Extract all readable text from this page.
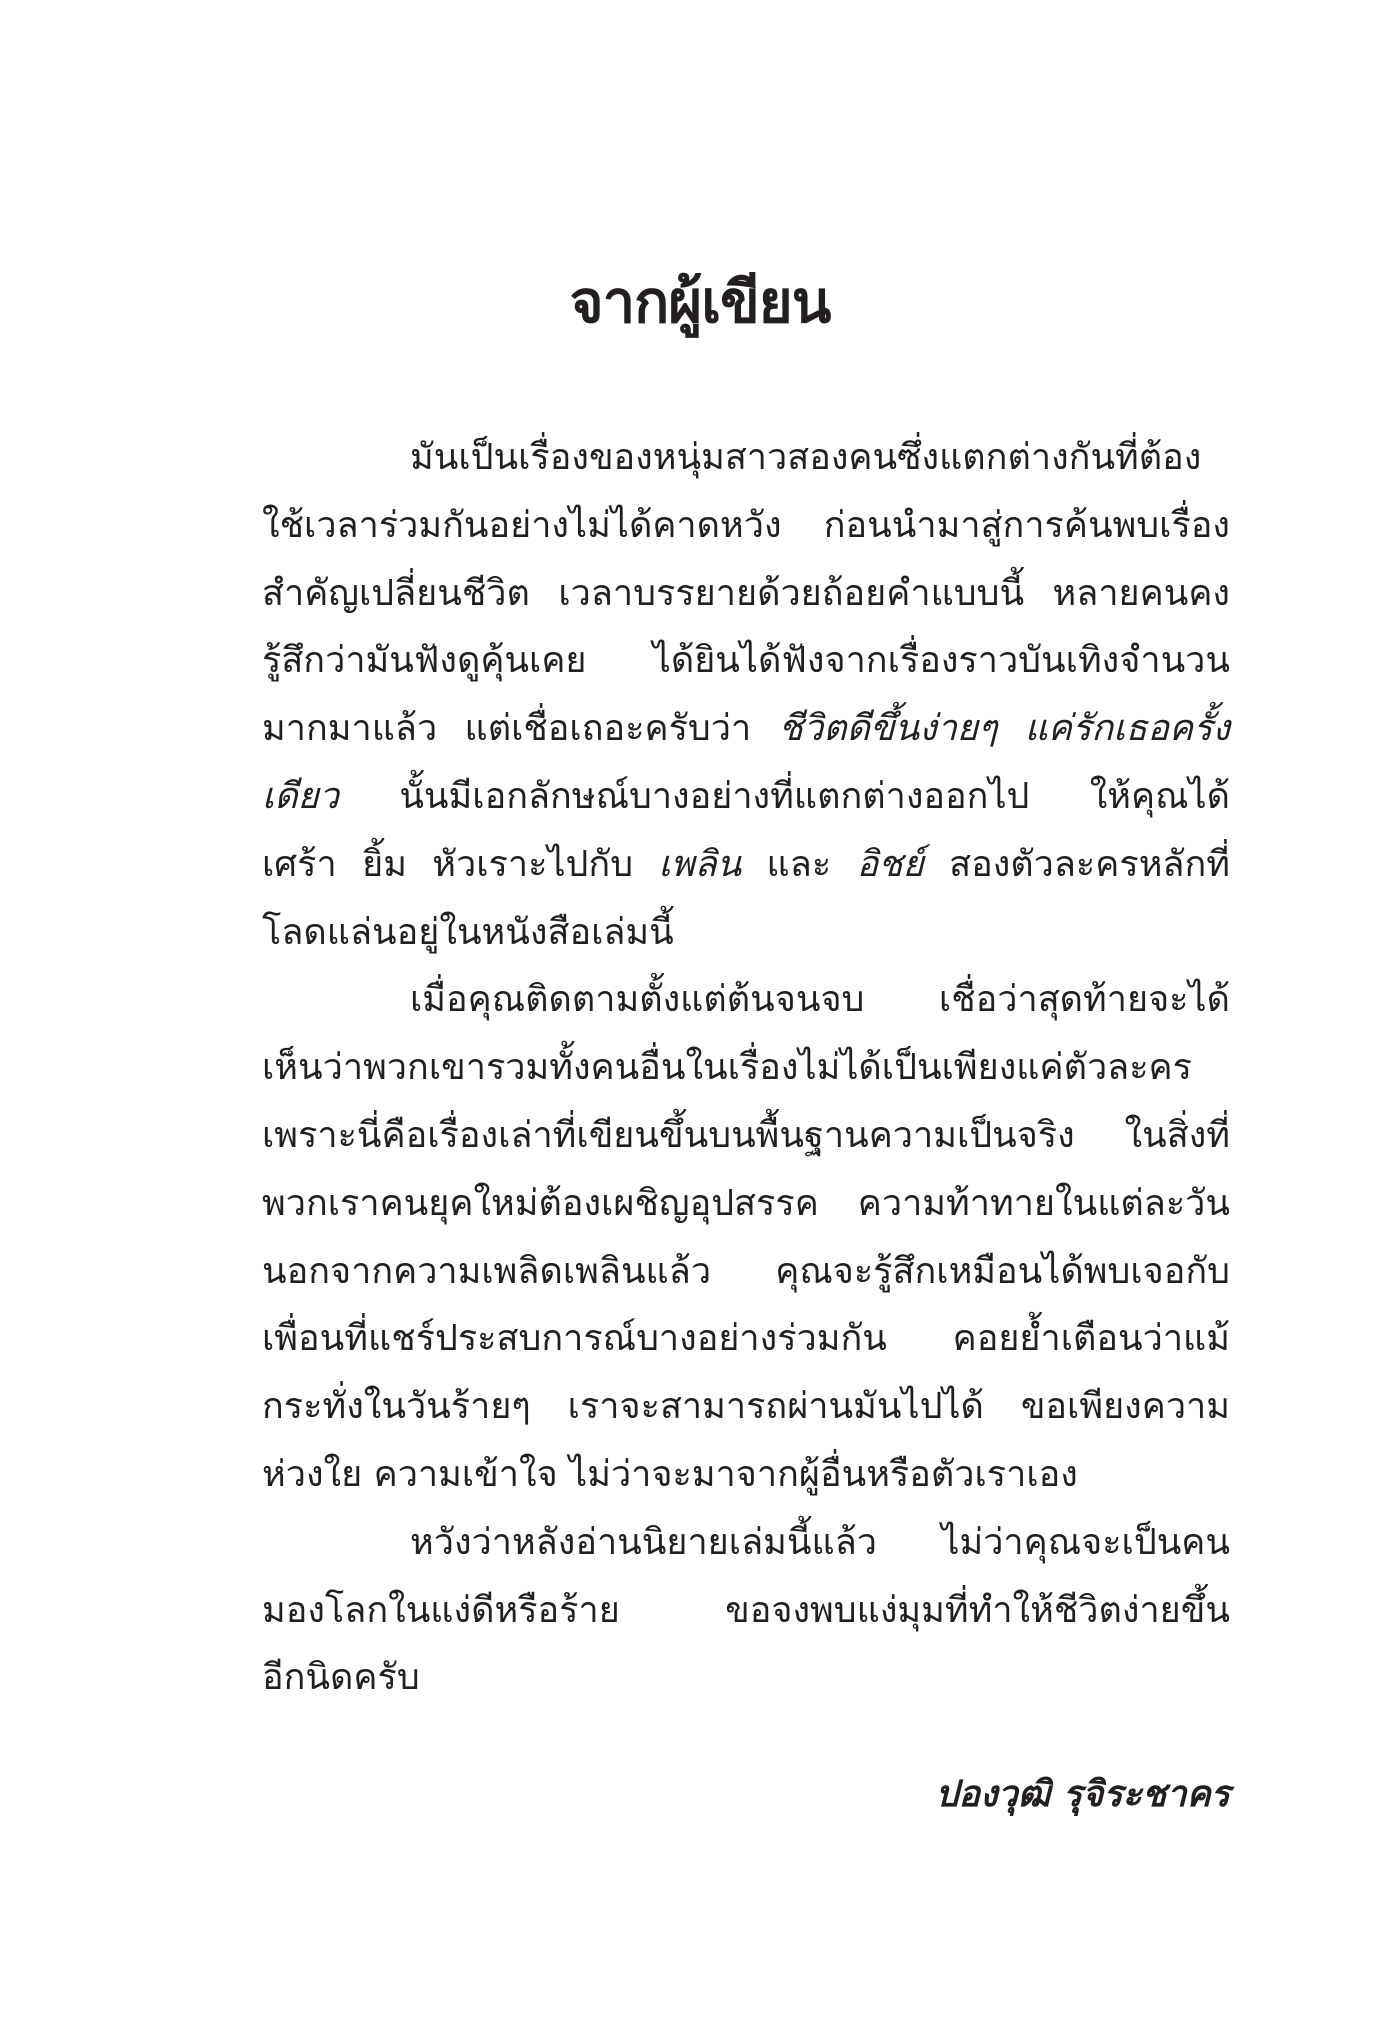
จากผู้เขียน
มันเป็นเรื่องของหนุ่มสาวสองคนซึ่งแตกต่างกันที่ต้อง
ใช้เวลาร่วมกันอย่างไม่ได้คาดหวัง ก่อนนำมาสู่การค้นพบเรื่อง
สำคัญเปลี่ยนชีวิต เวลาบรรยายด้วยถ้อยคำแบบนี้ หลายคนคง
รู้สึกว่ามันฟังดูคุ้นเคย ได้ยินได้ฟังจากเรื่องราวบันเทิงจำนวน
มากมาแล้ว แต่เชื่อเถอะครับว่า ชีวิตดีขึ้นง่ายๆ แค่รักเธอครั้ง
เดียว นั้นมีเอกลักษณ์บางอย่างที่แตกต่างออกไป ให้คุณได้
เศร้า ยิ้ม หัวเราะไปกับ เพลิน และ อิชย์ สองตัวละครหลักที่
โลดแล่นอยู่ในหนังสือเล่มนี้
เมื่อคุณติดตามตั้งแต่ต้นจนจบ เชื่อว่าสุดท้ายจะได้
เห็นว่าพวกเขารวมทั้งคนอื่นในเรื่องไม่ได้เป็นเพียงแค่ตัวละคร
เพราะนี่คือเรื่องเล่าที่เขียนขึ้นบนพื้นฐานความเป็นจริง ในสิ่งที่
พวกเราคนยุคใหม่ต้องเผชิญอุปสรรค ความท้าทายในแต่ละวัน
นอกจากความเพลิดเพลินแล้ว คุณจะรู้สึกเหมือนได้พบเจอกับ
เพื่อนที่แชร์ประสบการณ์บางอย่างร่วมกัน คอยย้ำเตือนว่าแม้
กระทั่งในวันร้ายๆ เราจะสามารถผ่านมันไปได้ ขอเพียงความ
ห่วงใย ความเข้าใจ ไม่ว่าจะมาจากผู้อื่นหรือตัวเราเอง
หวังว่าหลังอ่านนิยายเล่มนี้แล้ว ไม่ว่าคุณจะเป็นคน
มองโลกในแง่ดีหรือร้าย ขอจงพบแง่มุมที่ทำให้ชีวิตง่ายขึ้น
อีกนิดครับ
ปองวุฒิ รุจิระชาคร
